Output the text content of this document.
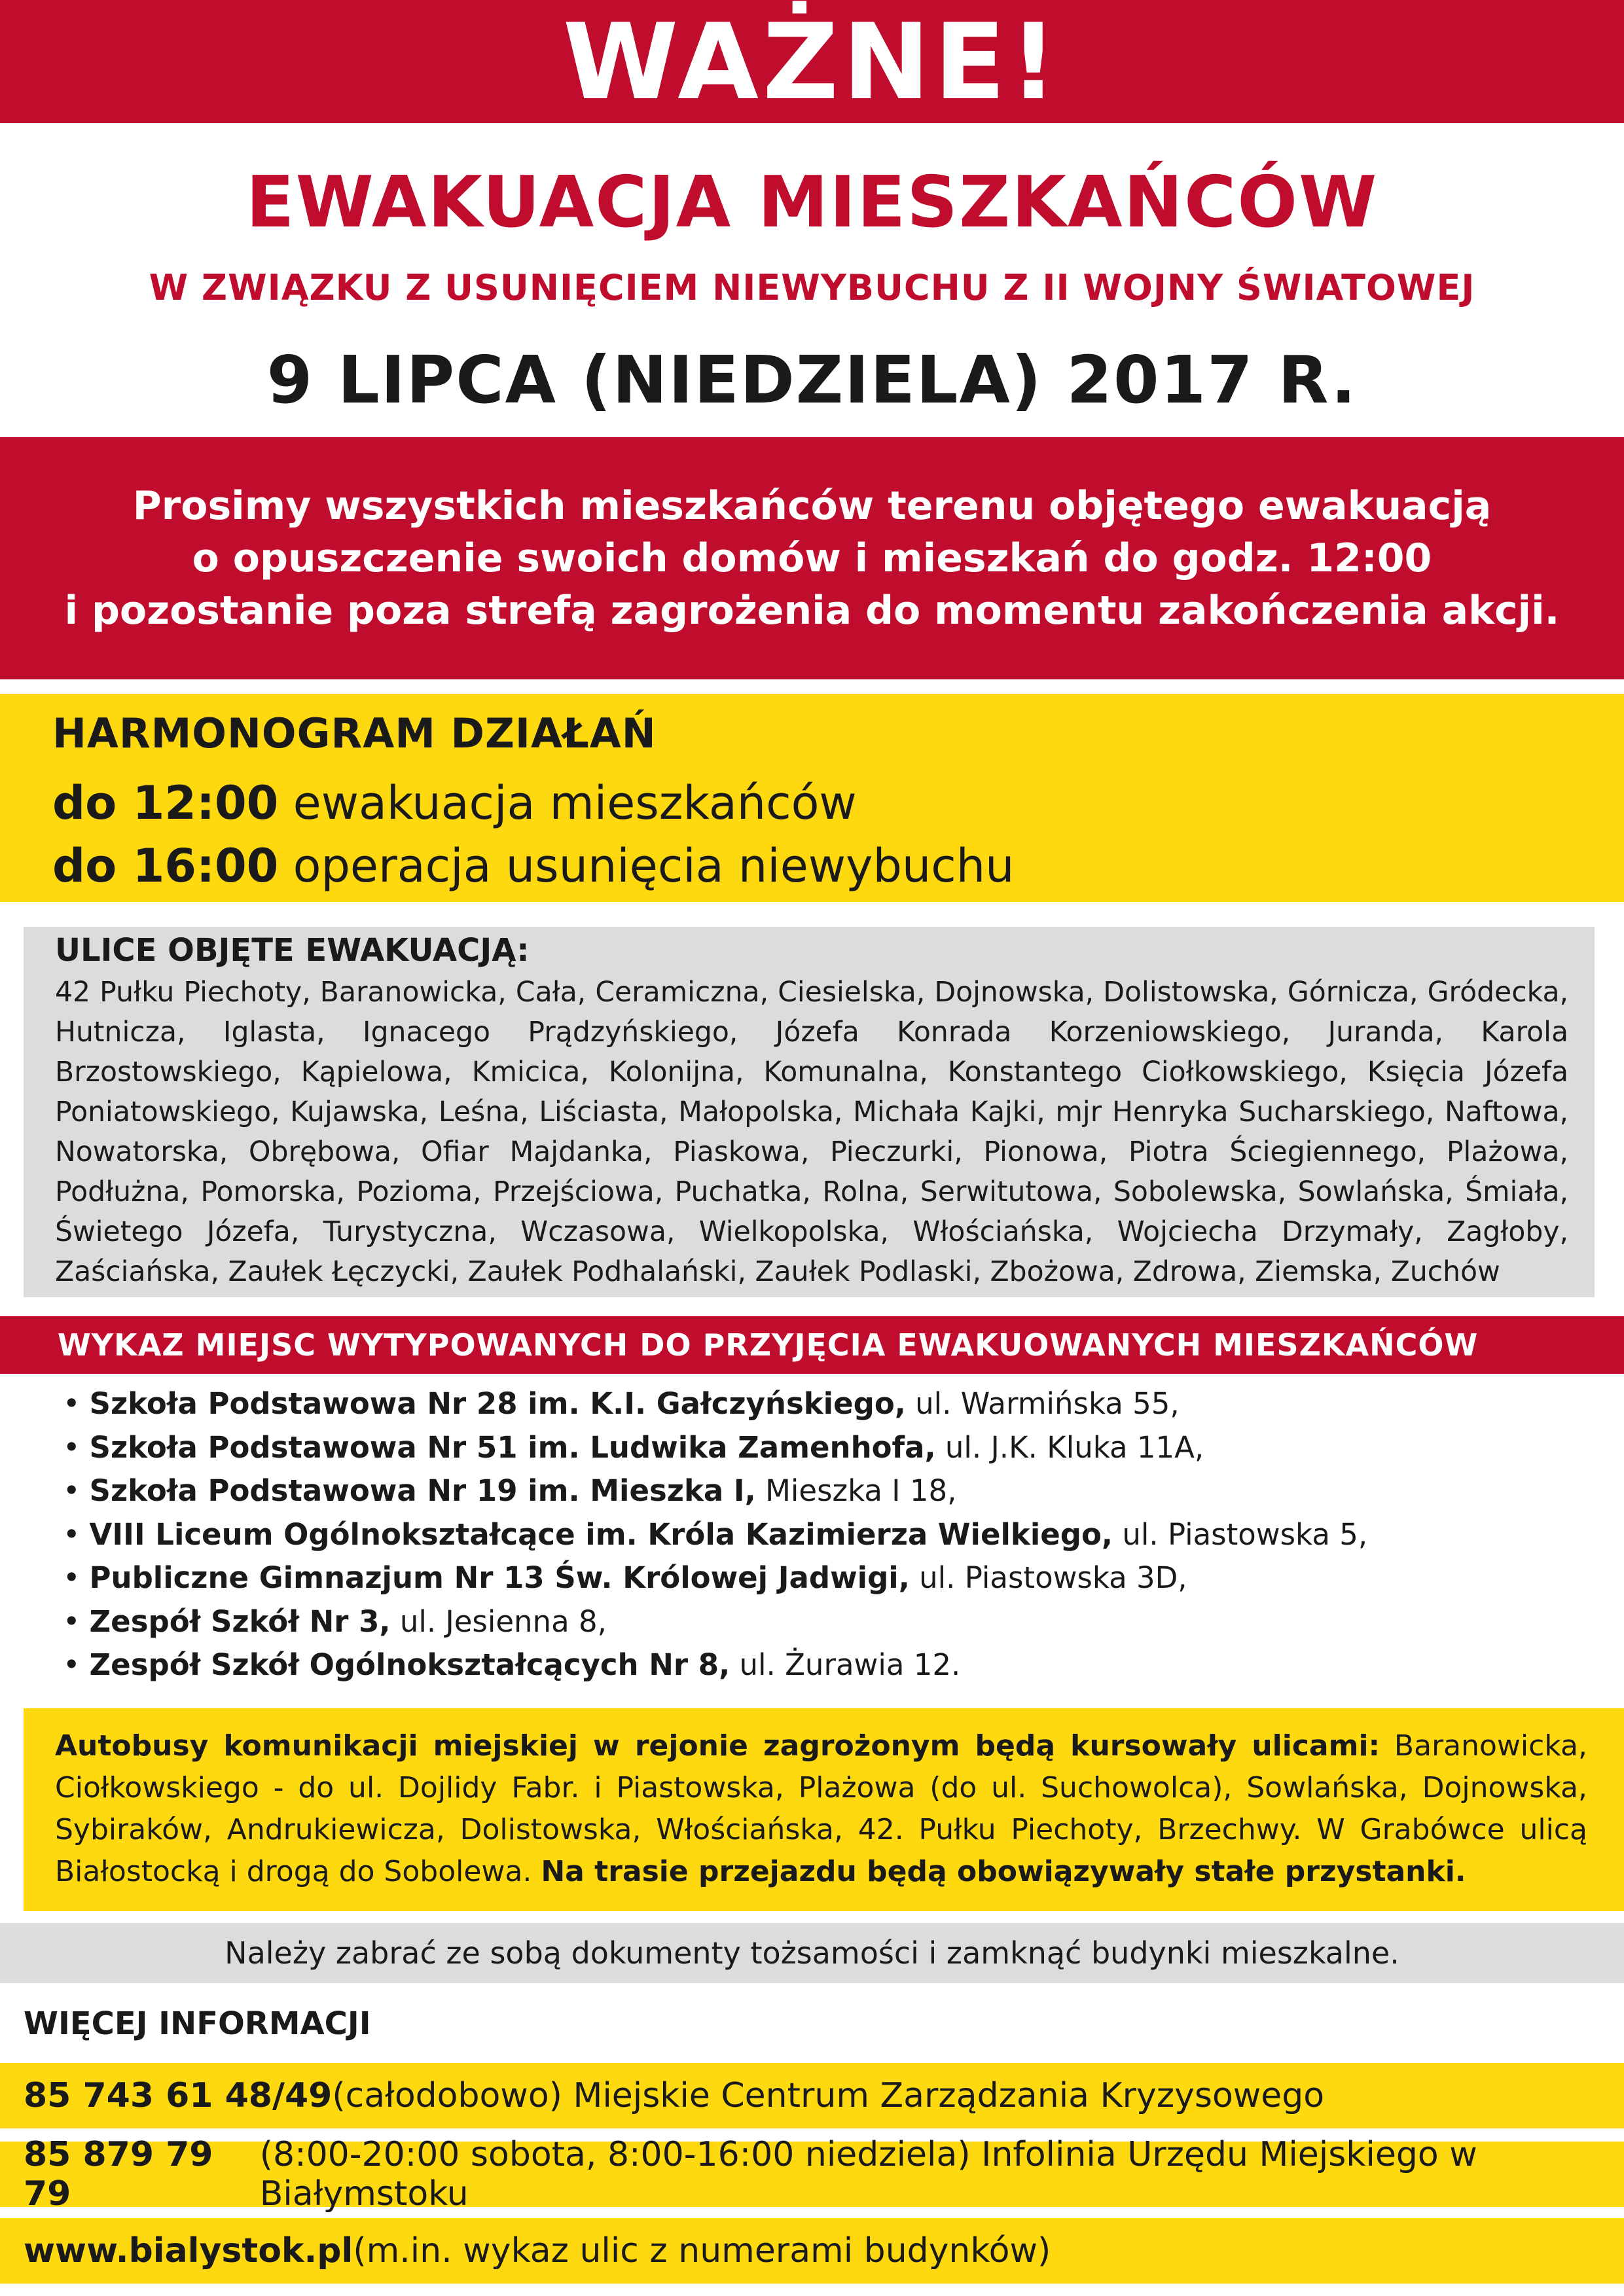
WAŻNE!
EWAKUACJA MIESZKAŃCÓW
W ZWIĄZKU Z USUNIĘCIEM NIEWYBUCHU Z II WOJNY ŚWIATOWEJ
9 LIPCA (NIEDZIELA) 2017 R.
Prosimy wszystkich mieszkańców terenu objętego ewakuacją
o opuszczenie swoich domów i mieszkań do godz. 12:00
i pozostanie poza strefą zagrożenia do momentu zakończenia akcji.
HARMONOGRAM DZIAŁAŃ
do 12:00 ewakuacja mieszkańców
do 16:00 operacja usunięcia niewybuchu
ULICE OBJĘTE EWAKUACJĄ:
42 Pułku Piechoty, Baranowicka, Cała, Ceramiczna, Ciesielska, Dojnowska, Dolistowska, Górnicza, Gródecka, Hutnicza, Iglasta, Ignacego Prądzyńskiego, Józefa Konrada Korzeniowskiego, Juranda, Karola Brzostowskiego, Kąpielowa, Kmicica, Kolonijna, Komunalna, Konstantego Ciołkowskiego, Księcia Józefa Poniatowskiego, Kujawska, Leśna, Liściasta, Małopolska, Michała Kajki, mjr Henryka Sucharskiego, Naftowa, Nowatorska, Obrębowa, Ofiar Majdanka, Piaskowa, Pieczurki, Pionowa, Piotra Ściegiennego, Plażowa, Podłużna, Pomorska, Pozioma, Przejściowa, Puchatka, Rolna, Serwitutowa, Sobolewska, Sowlańska, Śmiała, Świetego Józefa, Turystyczna, Wczasowa, Wielkopolska, Włościańska, Wojciecha Drzymały, Zagłoby, Zaściańska, Zaułek Łęczycki, Zaułek Podhalański, Zaułek Podlaski, Zbożowa, Zdrowa, Ziemska, Zuchów
WYKAZ MIEJSC WYTYPOWANYCH DO PRZYJĘCIA EWAKUOWANYCH MIESZKAŃCÓW
• Szkoła Podstawowa Nr 28 im. K.I. Gałczyńskiego, ul. Warmińska 55,
• Szkoła Podstawowa Nr 51 im. Ludwika Zamenhofa, ul. J.K. Kluka 11A,
• Szkoła Podstawowa Nr 19 im. Mieszka I, Mieszka I 18,
• VIII Liceum Ogólnokształcące im. Króla Kazimierza Wielkiego, ul. Piastowska 5,
• Publiczne Gimnazjum Nr 13 Św. Królowej Jadwigi, ul. Piastowska 3D,
• Zespół Szkół Nr 3, ul. Jesienna 8,
• Zespół Szkół Ogólnokształcących Nr 8, ul. Żurawia 12.
Autobusy komunikacji miejskiej w rejonie zagrożonym będą kursowały ulicami: Baranowicka, Ciołkowskiego - do ul. Dojlidy Fabr. i Piastowska, Plażowa (do ul. Suchowolca), Sowlańska, Dojnowska, Sybiraków, Andrukiewicza, Dolistowska, Włościańska, 42. Pułku Piechoty, Brzechwy. W Grabówce ulicą Białostocką i drogą do Sobolewa. Na trasie przejazdu będą obowiązywały stałe przystanki.
Należy zabrać ze sobą dokumenty tożsamości i zamknąć budynki mieszkalne.
WIĘCEJ INFORMACJI
85 743 61 48/49 (całodobowo) Miejskie Centrum Zarządzania Kryzysowego
85 879 79 79
(8:00-20:00 sobota, 8:00-16:00 niedziela) Infolinia Urzędu Miejskiego w Białymstoku
www.bialystok.pl (m.in. wykaz ulic z numerami budynków)
